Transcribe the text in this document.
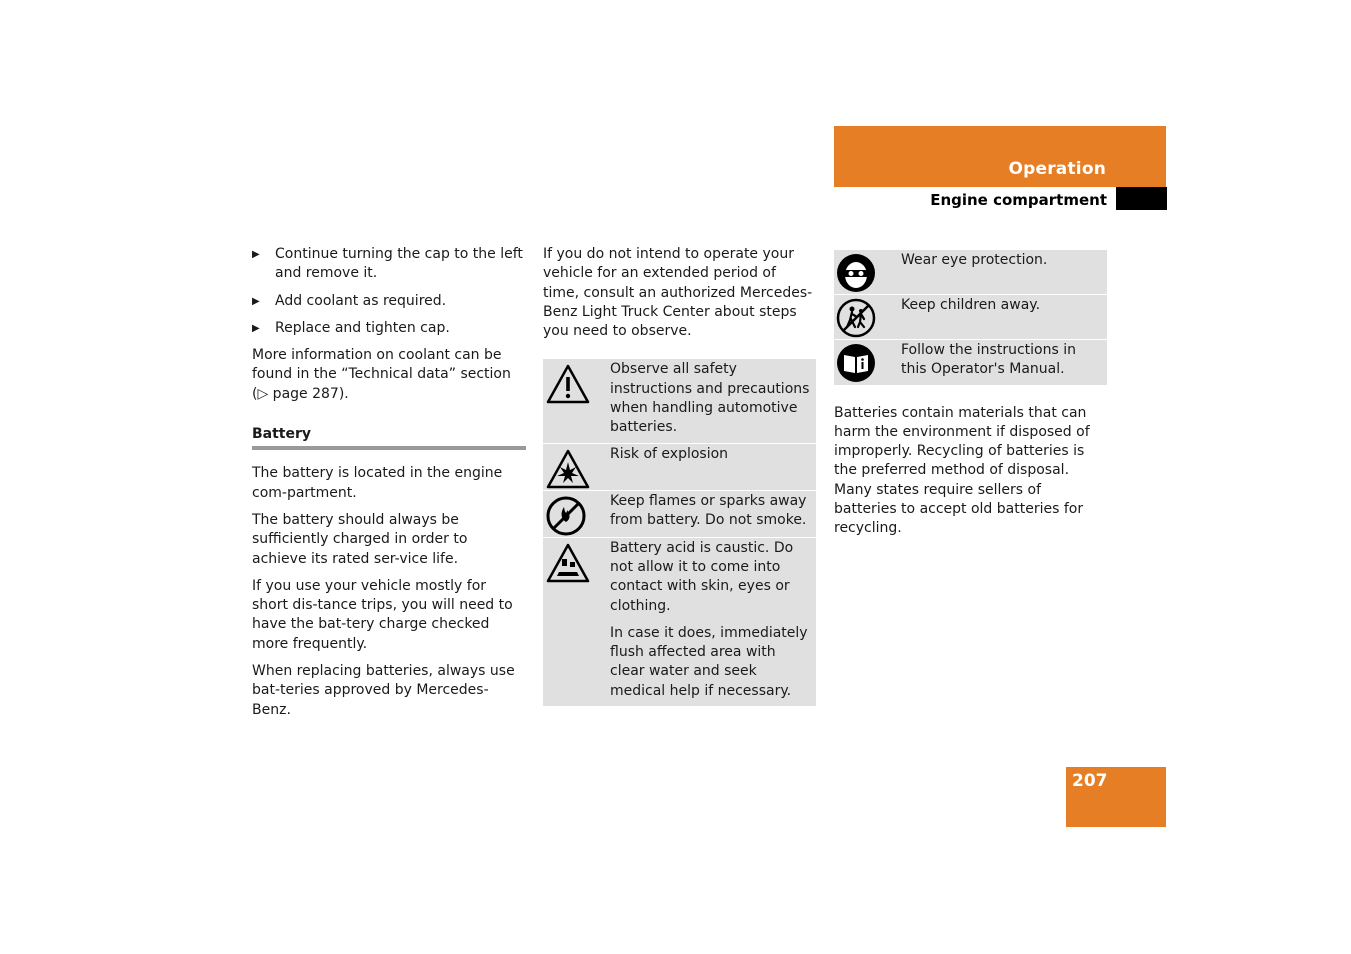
Operation
Engine compartment
▶	Continue turning the cap to the left and remove it.
▶	Add coolant as required.
▶	Replace and tighten cap.

More information on coolant can be found in the “Technical data” section (▷ page 287).

Battery

The battery is located in the engine com-partment.

The battery should always be sufficiently charged in order to achieve its rated ser-vice life.

If you use your vehicle mostly for short dis-tance trips, you will need to have the bat-tery charge checked more frequently.

When replacing batteries, always use bat-teries approved by Mercedes-Benz.

If you do not intend to operate your vehicle for an extended period of time, consult an authorized Mercedes-Benz Light Truck Center about steps you need to observe.

Observe all safety instructions and precautions when handling automotive batteries.

Risk of explosion

Keep flames or sparks away from battery. Do not smoke.

Battery acid is caustic. Do not allow it to come into contact with skin, eyes or clothing.

In case it does, immediately flush affected area with clear water and seek medical help if necessary.

Wear eye protection.
Keep children away.
Follow the instructions in this Operator's Manual.

Batteries contain materials that can harm the environment if disposed of improperly. Recycling of batteries is the preferred method of disposal. Many states require sellers of batteries to accept old batteries for recycling.

207
